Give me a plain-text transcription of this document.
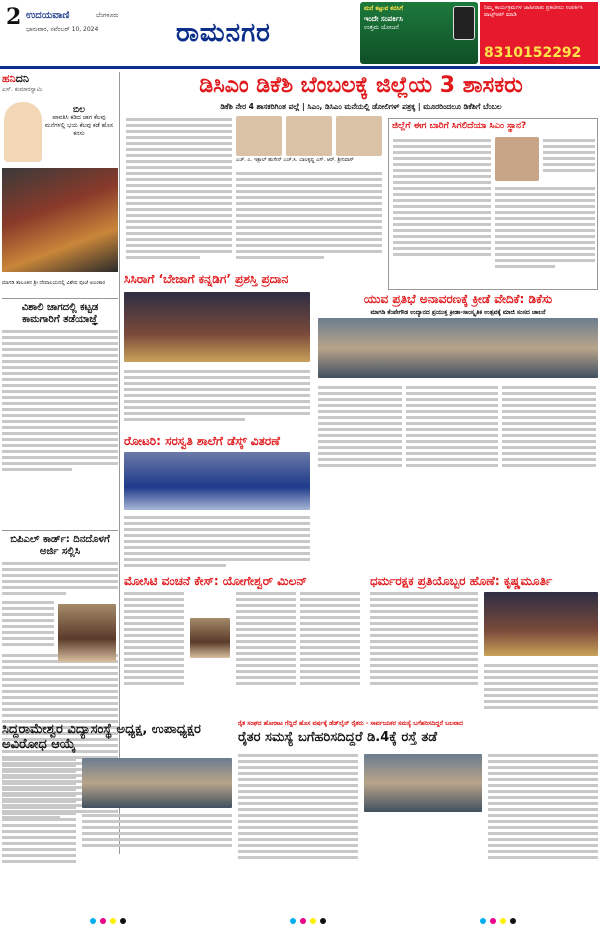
2 ಉದಯವಾಣಿ	ಬೆಂಗಳೂರು
ಭಾನುವಾರ, ನವೆಂಬರ್ 10, 2024	ರಾಮನಗರ
ಮನೆ ಕಟ್ಟುವ ಕನಸಿಗೆ
ಇಂದೇ ಸಂಪರ್ಕಿಸಿ
ಉತ್ತಮ ಯೋಜನೆ
ನಿಮ್ಮ ಕಾರ್ಯಕ್ರಮಗಳ ಜಾಹೀರಾತು ಪ್ರಕಟಿಸಲು ಸಂಪರ್ಕಿಸಿ ವಾಟ್ಸ್ಆಪ್ ಮಾಡಿ
8310152292
ಹನಿದನಿ
ಎಸ್. ಕುಮಾರಸ್ವಾಮಿ
ಬಿಲ
ಪಾವತಿಸಿ ಕಡಿದ ಜಾಗ ಕೆಲವು ಮನೆಗಳಲ್ಲಿ ಭಯ ಕೆಲವು ಕಡೆ ಹೊಸ ಕನಸು
ಮಾಗಡಿ ತಾಲೂಕಿನ ಶ್ರೀ ದೇವಾಲಯದಲ್ಲಿ ವಿಶೇಷ ಪೂಜೆ ಅಲಂಕಾರ
ವಿಶಾಲಿ ಜಾಗದಲ್ಲಿ ಕಟ್ಟಡ ಕಾಮಗಾರಿಗೆ ತಡೆಯಾಜ್ಞೆ
ಬಿಪಿಎಲ್ ಕಾರ್ಡ್: ದಿನದೊಳಗೆ ಅರ್ಜಿ ಸಲ್ಲಿಸಿ
ಡಿಸಿಎಂ ಡಿಕೆಶಿ ಬೆಂಬಲಕ್ಕೆ ಜಿಲ್ಲೆಯ 3 ಶಾಸಕರು
ಡಿಕೆಶಿ ನೇರ 4 ಶಾಸಕರಿಗಿಂತ ಪಲ್ಲೆ | ಸಿಎಂ, ಡಿಸಿಎಂ ಮನೆಯಲ್ಲಿ ಡೋಲಿಗಳ್ ಪತ್ರಕ್ಕ | ಮೂರರಿಂದಲೂ ಡಿಕೆಶಿಗೆ ಬೆಂಬಲ
ಎಚ್. ಎ. ಇಕ್ಬಾಲ್ ಹುಸೇನ್ ಎಚ್.ಸಿ. ಬಾಲಕೃಷ್ಣ ಎಸ್. ಆರ್. ಶ್ರೀನಿವಾಸ್
ಜಿಲ್ಲೆಗೆ ಈಗ ಬಾರಿಗೆ ಸಿಗಲಿದೆಯಾ ಸಿಎಂ ಸ್ಥಾನ?
ಸಿಸಿರಾಗೆ ‘ಬೇಜಾಗೆ ಕನ್ನಡಿಗ’ ಪ್ರಶಸ್ತಿ ಪ್ರದಾನ
ಯುವ ಪ್ರತಿಭೆ ಅನಾವರಣಕ್ಕೆ ಕ್ರೀಡೆ ವೇದಿಕೆ: ಡಿಕೆಸು
ಮಾಗಡಿ ಕೆಂಪೇಗೌಡ ಉದ್ಯಾನದ ಪ್ರಯುಕ್ತ ಕ್ರೀಡಾ-ಸಾಂಸ್ಕೃತಿಕ ಉತ್ಸವಕ್ಕೆ ಮಾಜಿ ಸಂಸದ ಚಾಲನೆ
ರೋಟರಿ: ಸರಸ್ವತಿ ಶಾಲೆಗೆ ಡೆಸ್ಕ್ ವಿತರಣೆ
ಮೋಸಿಟಿ ವಂಚನೆ ಕೇಸ್: ಯೋಗೇಶ್ವರ್ ಮಿಲನ್	ಧರ್ಮರಕ್ಷಕ ಪ್ರತಿಯೊಬ್ಬರ ಹೊಣೆ: ಕೃಷ್ಣಮೂರ್ತಿ
ಸಿದ್ದರಾಮೇಶ್ವರ ವಿದ್ಯಾಸಂಸ್ಥೆ ಅಧ್ಯಕ್ಷ, ಉಪಾಧ್ಯಕ್ಷರ ಅವಿರೋಧ ಆಯ್ಕೆ
ರೈತ ಸಂಘದ ಹೋರಾಟ ಗೆದ್ದಿದೆ ಹೊಸ ವರ್ಷಕ್ಕೆ ಡೆಡ್‌ಲೈನ್ ರೈತರು - ಸಾರ್ವಜನಿಕರ ಸಮಸ್ಯೆ ಬಗೆಹರಿಸದಿದ್ದರೆ ಬಲವಾದ
ರೈತರ ಸಮಸ್ಯೆ ಬಗೆಹರಿಸದಿದ್ದರೆ ಡಿ.4ಕ್ಕೆ ರಸ್ತೆ ತಡೆ
